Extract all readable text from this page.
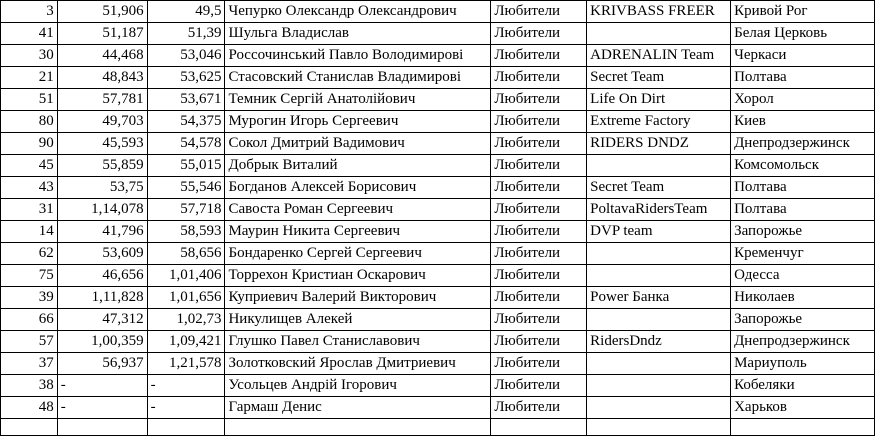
3	51,906	49,5	Чепурко Олександр Олександрович	Любители	KRIVBASS FREER	Кривой Рог
41	51,187	51,39	Шульга Владислав	Любители		Белая Церковь
30	44,468	53,046	Россочинський Павло Володимирові	Любители	ADRENALIN Team	Черкаси
21	48,843	53,625	Стасовский Станислав Владимирові	Любители	Secret Team	Полтава
51	57,781	53,671	Темник Сергій Анатолійович	Любители	Life On Dirt	Хорол
80	49,703	54,375	Мурогин Игорь Сергеевич	Любители	Extreme Factory	Киев
90	45,593	54,578	Сокол Дмитрий Вадимович	Любители	RIDERS DNDZ	Днепродзержинск
45	55,859	55,015	Добрык Виталий	Любители		Комсомольск
43	53,75	55,546	Богданов Алексей Борисович	Любители	Secret Team	Полтава
31	1,14,078	57,718	Савоста Роман Сергеевич	Любители	PoltavaRidersTeam	Полтава
14	41,796	58,593	Маурин Никита Сергеевич	Любители	DVP team	Запорожье
62	53,609	58,656	Бондаренко Сергей Сергеевич	Любители		Кременчуг
75	46,656	1,01,406	Торрехон Кристиан Оскарович	Любители		Одесса
39	1,11,828	1,01,656	Куприевич Валерий Викторович	Любители	Power Банка	Николаев
66	47,312	1,02,73	Никулищев Алекей	Любители		Запорожье
57	1,00,359	1,09,421	Глушко Павел Станиславович	Любители	RidersDndz	Днепродзержинск
37	56,937	1,21,578	Золотковский Ярослав Дмитриевич	Любители		Мариуполь
38	-	-	Усольцев Андрій Ігорович	Любители		Кобеляки
48	-	-	Гармаш Денис	Любители		Харьков
